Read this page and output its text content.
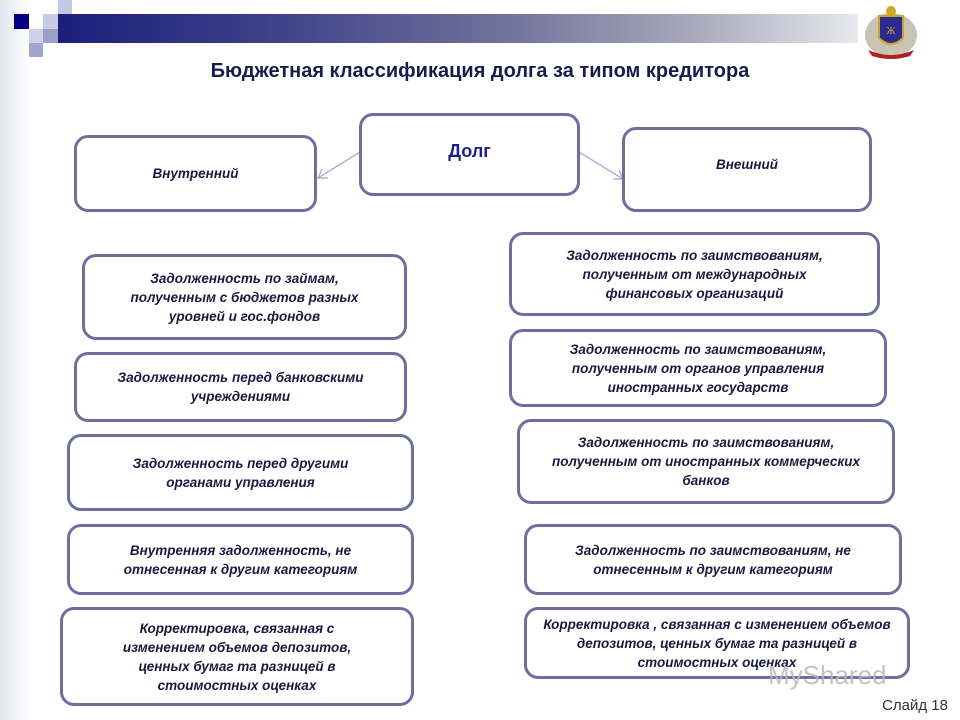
Ж
Бюджетная классификация долга за типом кредитора
Долг
Внутренний
Внешний
Задолженность по займам, полученным с бюджетов разных уровней и гос.фондов
Задолженность перед банковскими учреждениями
Задолженность перед другими органами управления
Внутренняя задолженность, не отнесенная к другим категориям
Корректировка, связанная с изменением объемов депозитов, ценных бумаг та разницей в стоимостных оценках
Задолженность по заимствованиям, полученным от международных финансовых организаций
Задолженность по заимствованиям, полученным от органов управления иностранных государств
Задолженность по заимствованиям, полученным от иностранных коммерческих банков
Задолженность по заимствованиям, не отнесенным к другим категориям
Корректировка , связанная с изменением объемов депозитов, ценных бумаг та разницей в стоимостных оценках
MyShared
Слайд 18
